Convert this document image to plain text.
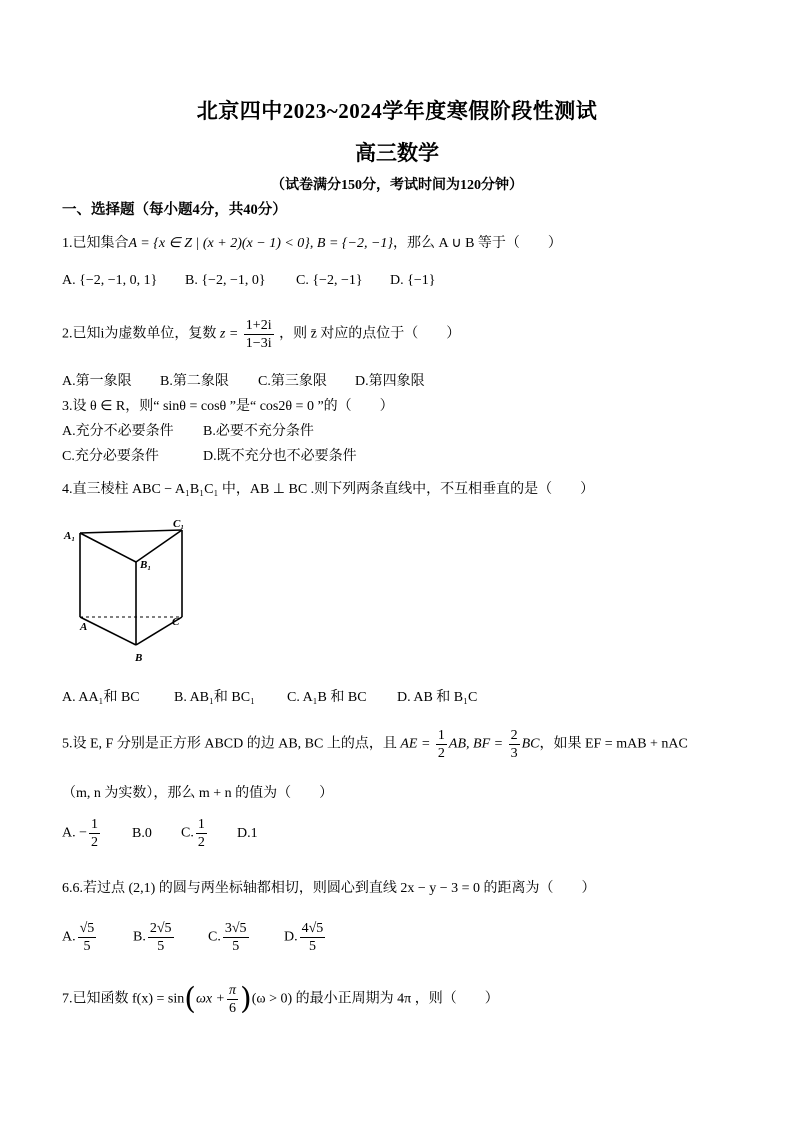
北京四中2023~2024学年度寒假阶段性测试
高三数学
（试卷满分150分，考试时间为120分钟）
一、选择题（每小题4分，共40分）
1.已知集合A = {x ∈ Z | (x + 2)(x − 1) < 0}, B = {−2, −1}，那么 A ∪ B 等于（　　）
A. {−2, −1, 0, 1} B. {−2, −1, 0} C. {−2, −1} D. {−1}
2.已知i为虚数单位，复数 $z = \frac{1+2i}{1-3i}$ ，则 z̄ 对应的点位于（　　）
A.第一象限 B.第二象限 C.第三象限 D.第四象限
3.设 θ ∈ R，则“ sinθ = cosθ ”是“ cos2θ = 0 ”的（　　）
A.充分不必要条件 B.必要不充分条件
C.充分必要条件	D.既不充分也不必要条件
4.直三棱柱 ABC − A₁B₁C₁ 中，AB ⊥ BC .则下列两条直线中，不互相垂直的是（　　）
A₁
C₁
B₁
A	C
B
A. AA₁和 BC B. AB₁和 BC₁ C. A₁B 和 BC D. AB 和 B₁C
5.设 E, F 分别是正方形 ABCD 的边 AB, BC 上的点，且 AE = $\frac{1}{2}$ AB, BF = $\frac{2}{3}$ BC，如果 EF = mAB + nAC
（m, n 为实数），那么 m + n 的值为（　　）
A. − $\frac{1}{2} B.0$ C. $\frac{1}{2} D.1$
6.6.若过点 (2,1) 的圆与两坐标轴都相切，则圆心到直线 2x − y − 3 = 0 的距离为（　　）
A. $\frac{√5}{5}$	B. $\frac{2√5}{5} C$. $\frac{3√5}{5}$	D. $\frac{4√5}{5}$
7.已知函数 $f(x) = \sin(\omega x + \frac{\pi}{6} )(\omega > 0)$ 的最小正周期为 4π ，则（　　）
